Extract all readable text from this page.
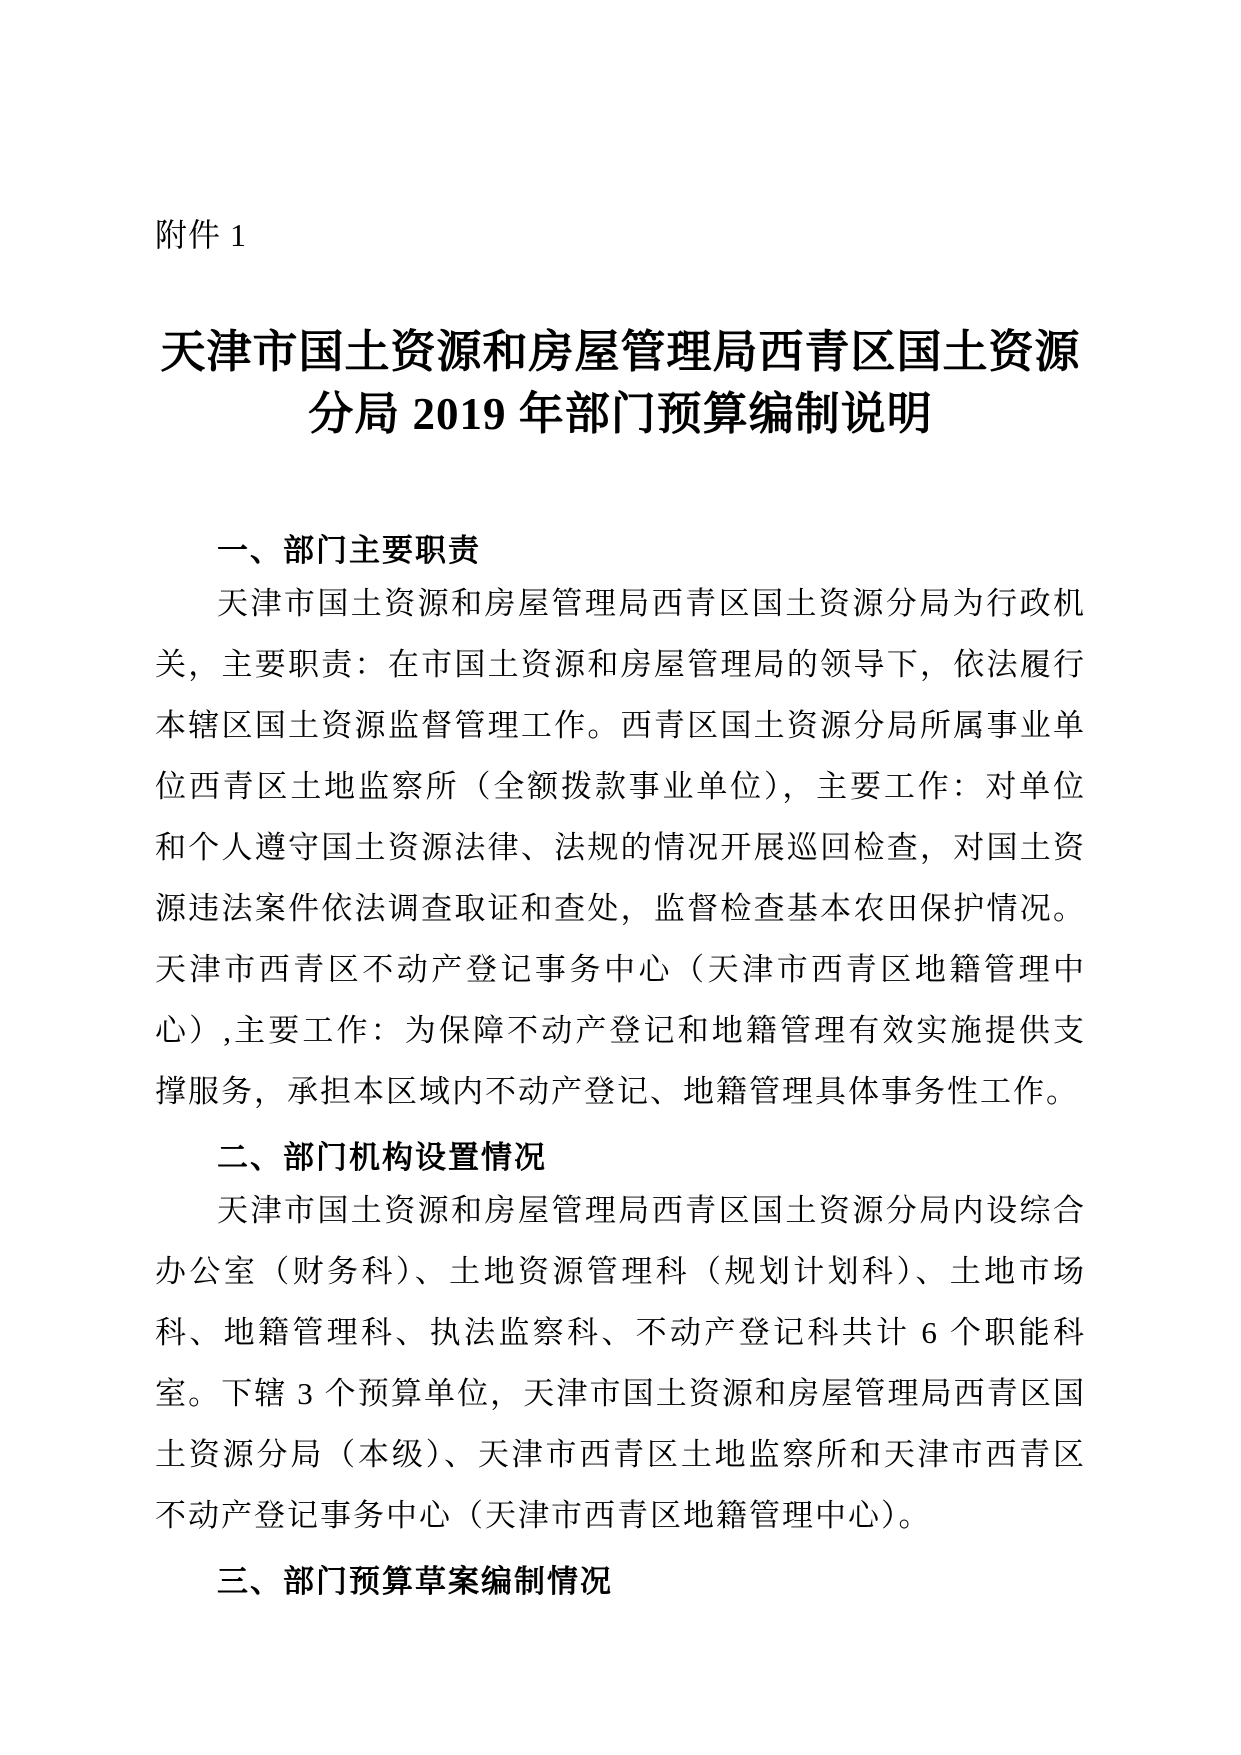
附件 1
天津市国土资源和房屋管理局西青区国土资源
分局 2019 年部门预算编制说明
一、部门主要职责

天津市国土资源和房屋管理局西青区国土资源分局为行政机关，主要职责：在市国土资源和房屋管理局的领导下，依法履行本辖区国土资源监督管理工作。西青区国土资源分局所属事业单位西青区土地监察所（全额拨款事业单位），主要工作：对单位和个人遵守国土资源法律、法规的情况开展巡回检查，对国土资源违法案件依法调查取证和查处，监督检查基本农田保护情况。天津市西青区不动产登记事务中心（天津市西青区地籍管理中心）,主要工作：为保障不动产登记和地籍管理有效实施提供支撑服务，承担本区域内不动产登记、地籍管理具体事务性工作。

二、部门机构设置情况

天津市国土资源和房屋管理局西青区国土资源分局内设综合办公室（财务科）、土地资源管理科（规划计划科）、土地市场科、地籍管理科、执法监察科、不动产登记科共计 6 个职能科室。下辖 3 个预算单位，天津市国土资源和房屋管理局西青区国土资源分局（本级）、天津市西青区土地监察所和天津市西青区不动产登记事务中心（天津市西青区地籍管理中心）。

三、部门预算草案编制情况
